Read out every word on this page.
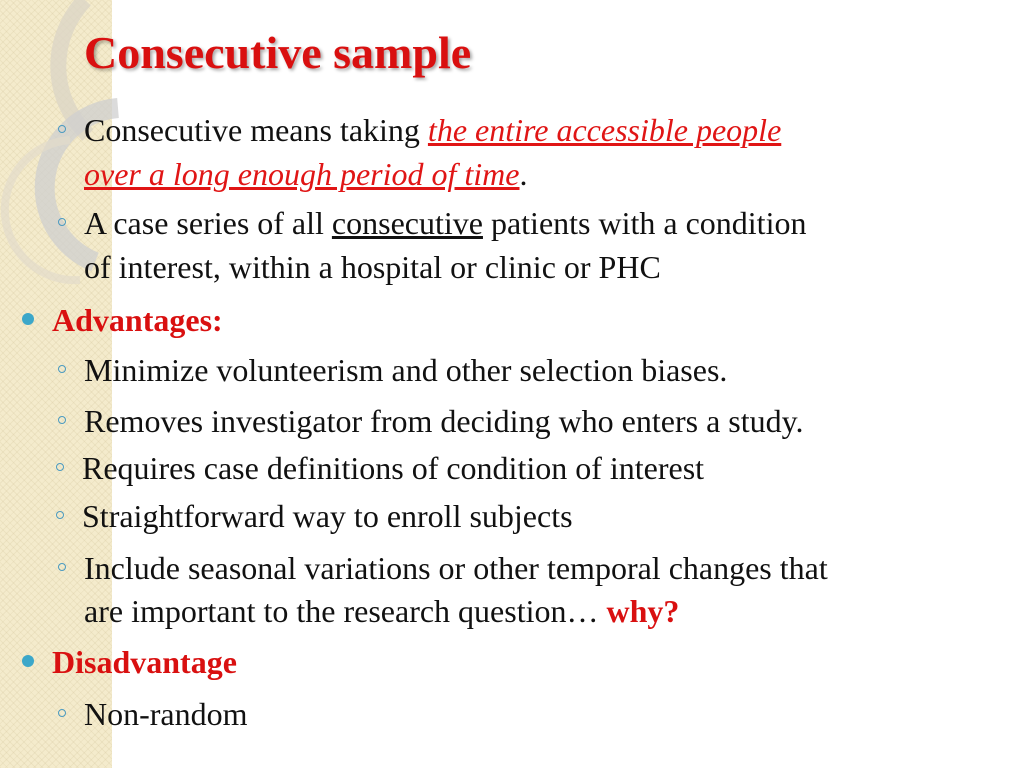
Consecutive sample
Consecutive means taking the entire accessible people
over a long enough period of time.
A case series of all consecutive patients with a condition
of interest, within a hospital or clinic or PHC
Advantages:
Minimize volunteerism and other selection biases.
Removes investigator from deciding who enters a study.
Requires case definitions of condition of interest
Straightforward way to enroll subjects
Include seasonal variations or other temporal changes that
are important to the research question… why?
Disadvantage
Non-random
